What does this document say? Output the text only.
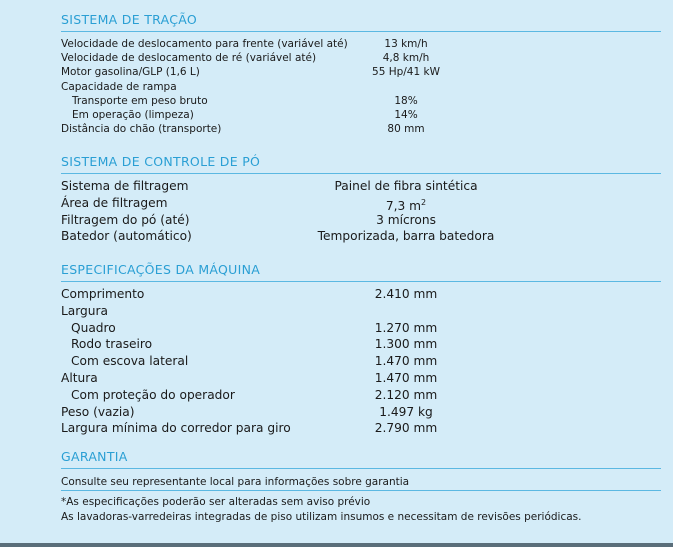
SISTEMA DE TRAÇÃO
Velocidade de deslocamento para frente (variável até)	13 km/h
Velocidade de deslocamento de ré (variável até)	4,8 km/h
Motor gasolina/GLP (1,6 L)	55 Hp/41 kW
Capacidade de rampa
Transporte em peso bruto	18%
Em operação (limpeza)	14%
Distância do chão (transporte)	80 mm
SISTEMA DE CONTROLE DE PÓ
Sistema de filtragem	Painel de fibra sintética
Área de filtragem	7,3 $m^2$
Filtragem do pó (até)	3 mícrons
Batedor (automático)	Temporizada, barra batedora
ESPECIFICAÇÕES DA MÁQUINA
Comprimento	2.410 mm
Largura
Quadro	1.270 mm
Rodo traseiro	1.300 mm
Com escova lateral	1.470 mm
Altura	1.470 mm
Com proteção do operador	2.120 mm
Peso (vazia)	1.497 kg
Largura mínima do corredor para giro	2.790 mm
GARANTIA
Consulte seu representante local para informações sobre garantia
*As especificações poderão ser alteradas sem aviso prévio
As lavadoras-varredeiras integradas de piso utilizam insumos e necessitam de revisões periódicas.
